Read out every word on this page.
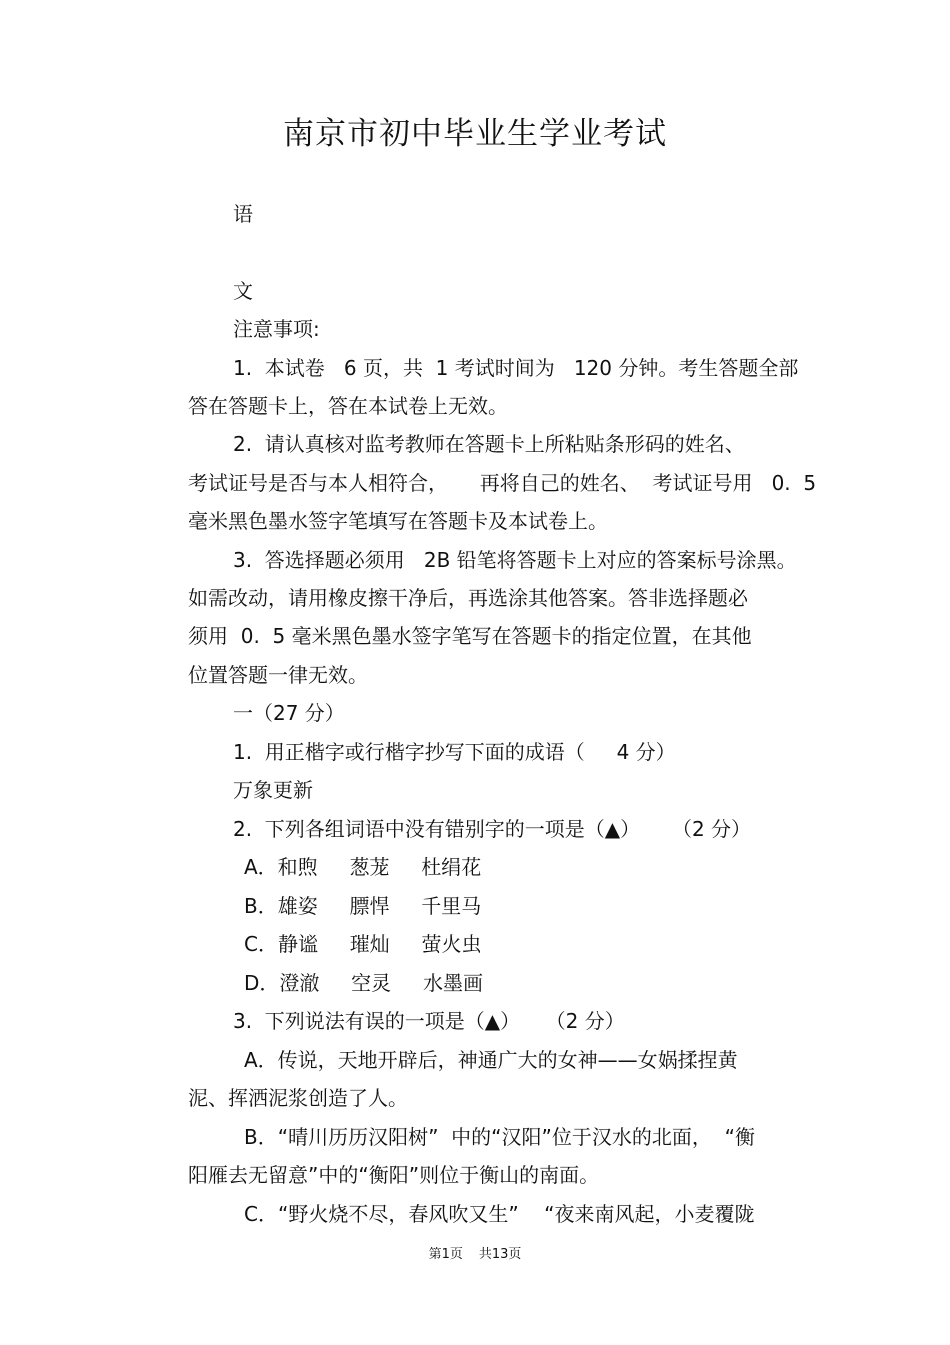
南京市初中毕业生学业考试
语
文
注意事项:
1.  本试卷   6 页，共  1 考试时间为   120 分钟。考生答题全部
答在答题卡上，答在本试卷上无效。
2.  请认真核对监考教师在答题卡上所粘贴条形码的姓名、
考试证号是否与本人相符合，     再将自己的姓名、  考试证号用   0.  5
毫米黑色墨水签字笔填写在答题卡及本试卷上。
3.  答选择题必须用   2B 铅笔将答题卡上对应的答案标号涂黑。
如需改动，请用橡皮擦干净后，再选涂其他答案。答非选择题必
须用  0.  5 毫米黑色墨水签字笔写在答题卡的指定位置，在其他
位置答题一律无效。
一（27 分）
1.  用正楷字或行楷字抄写下面的成语（     4 分）
万象更新
2.  下列各组词语中没有错别字的一项是（▲）     （2 分）
A．和煦     葱茏     杜绢花
B．雄姿     膘悍     千里马
C．静谧     璀灿     萤火虫
D．澄澈     空灵     水墨画
3.  下列说法有误的一项是（▲）    （2 分）
A．传说，天地开辟后，神通广大的女神——女娲揉捏黄
泥、挥洒泥浆创造了人。
B．“晴川历历汉阳树”  中的“汉阳”位于汉水的北面，  “衡
阳雁去无留意”中的“衡阳”则位于衡山的南面。
C．“野火烧不尽，春风吹又生”    “夜来南风起，小麦覆陇
第1页 共13页
